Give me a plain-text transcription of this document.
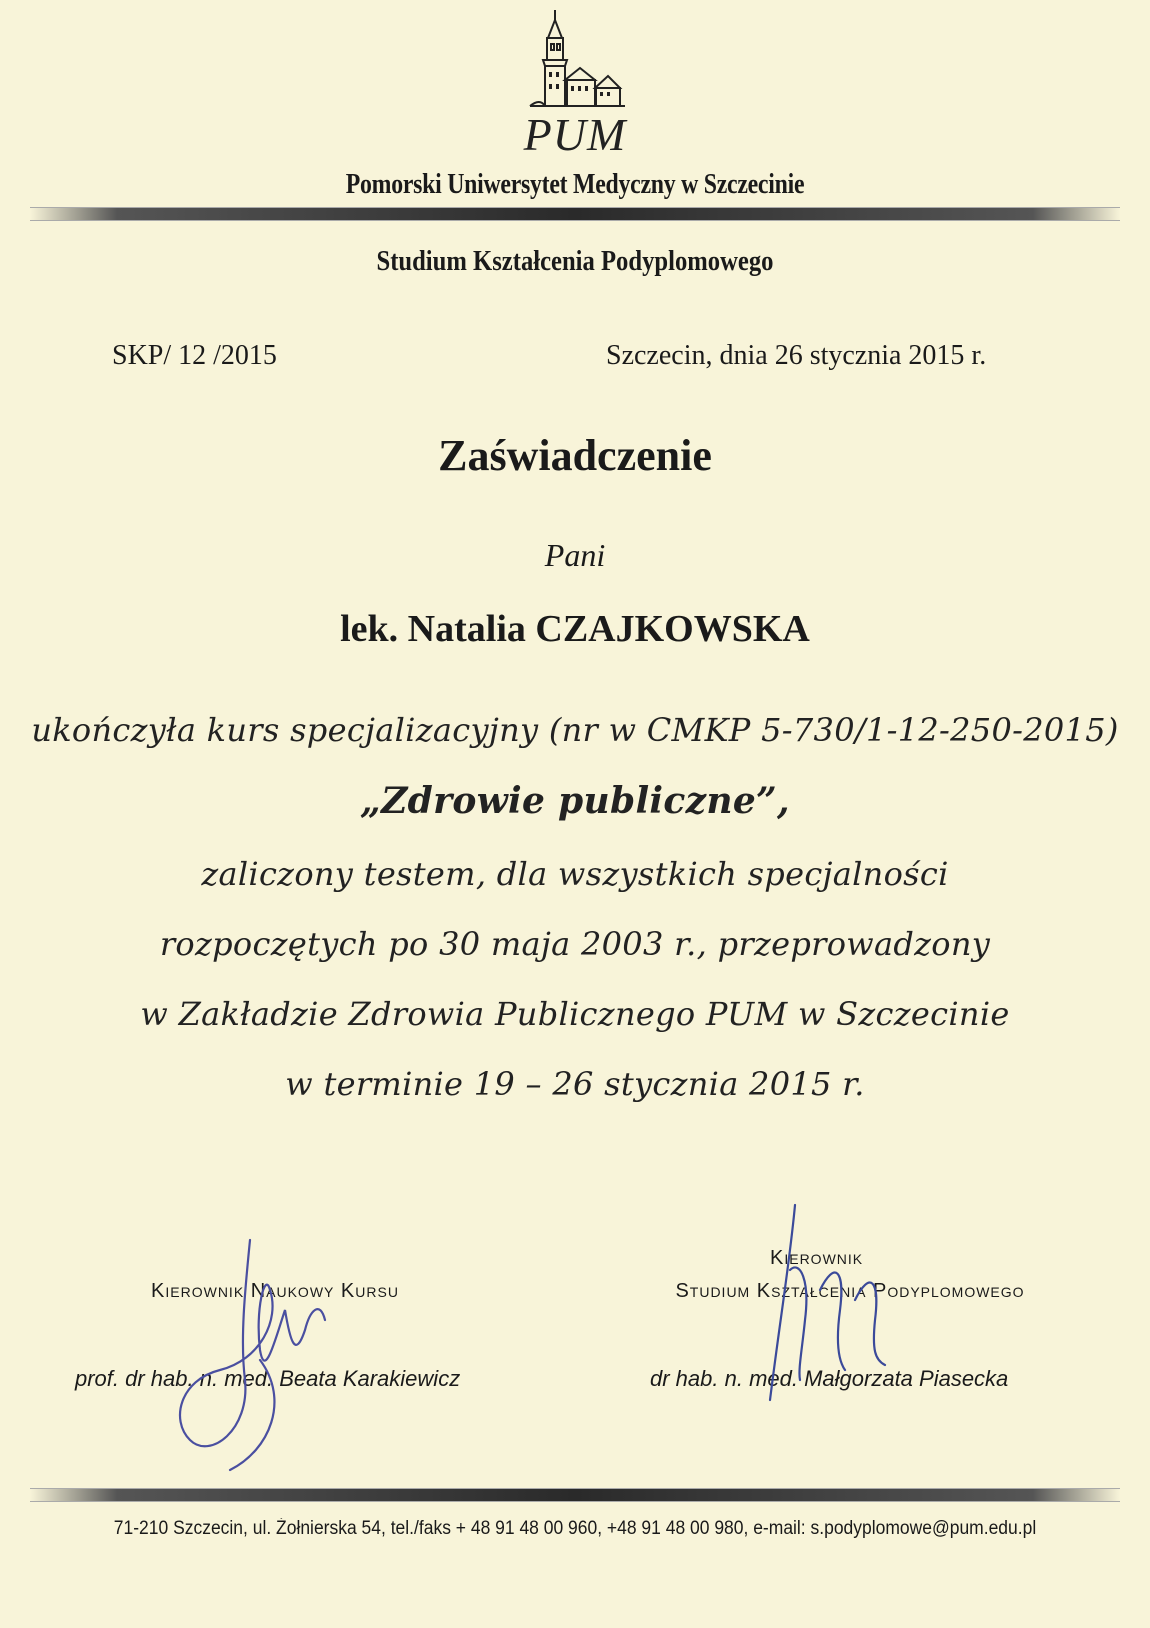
PUM
Pomorski Uniwersytet Medyczny w Szczecinie
Studium Kształcenia Podyplomowego
SKP/ 12 /2015	Szczecin, dnia 26 stycznia 2015 r.
Zaświadczenie
Pani
lek. Natalia CZAJKOWSKA
ukończyła kurs specjalizacyjny (nr w CMKP 5-730/1-12-250-2015)
„Zdrowie publiczne”,
zaliczony testem, dla wszystkich specjalności
rozpoczętych po 30 maja 2003 r., przeprowadzony
w Zakładzie Zdrowia Publicznego PUM w Szczecinie
w terminie 19 – 26 stycznia 2015 r.
Kierownik Naukowy Kursu
Kierownik
Studium Kształcenia Podyplomowego
prof. dr hab. n. med. Beata Karakiewicz	dr hab. n. med. Małgorzata Piasecka
71-210 Szczecin, ul. Żołnierska 54, tel./faks + 48 91 48 00 960, +48 91 48 00 980, e-mail: s.podyplomowe@pum.edu.pl
